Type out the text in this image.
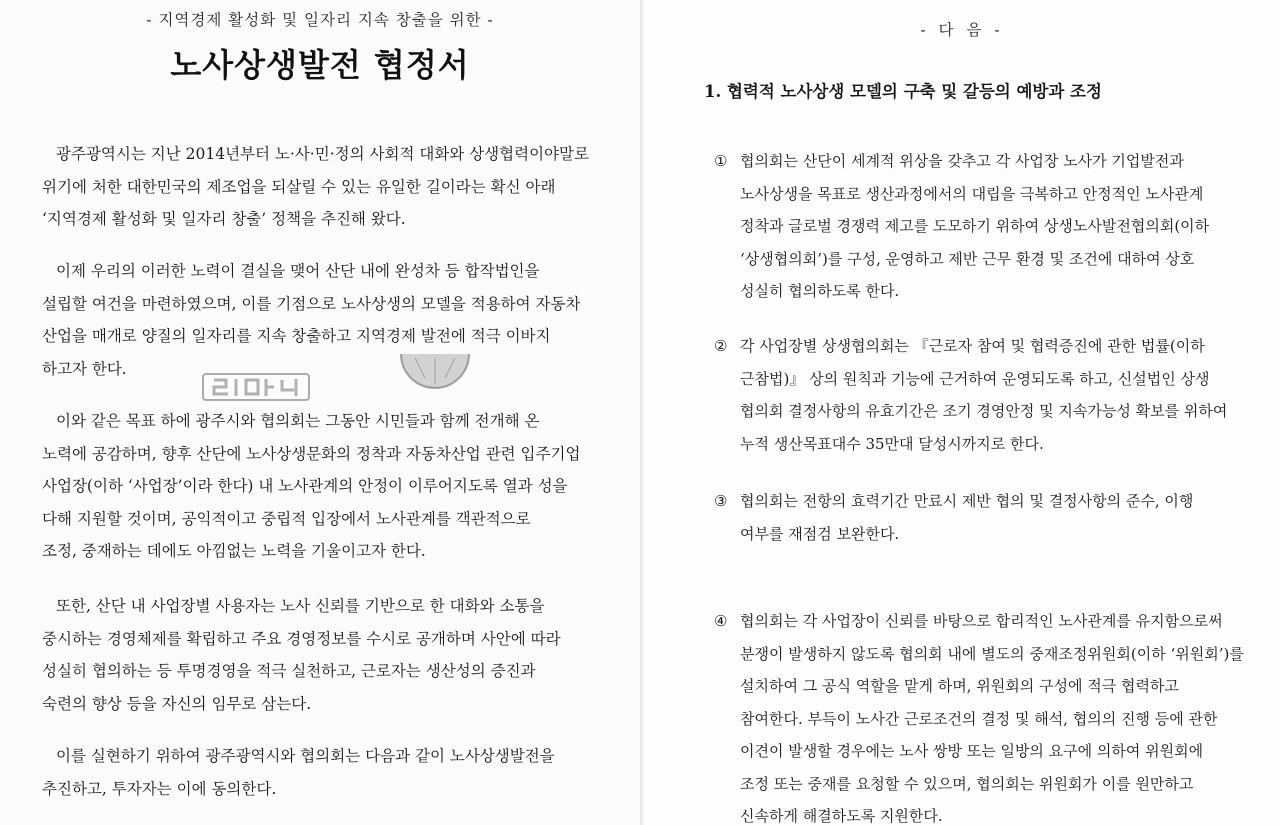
- 지역경제 활성화 및 일자리 지속 창출을 위한 -
노사상생발전 협정서
광주광역시는 지난 2014년부터 노·사·민·정의 사회적 대화와 상생협력이야말로
위기에 처한 대한민국의 제조업을 되살릴 수 있는 유일한 길이라는 확신 아래
‘지역경제 활성화 및 일자리 창출’ 정책을 추진해 왔다.
이제 우리의 이러한 노력이 결실을 맺어 산단 내에 완성차 등 합작법인을
설립할 여건을 마련하였으며, 이를 기점으로 노사상생의 모델을 적용하여 자동차
산업을 매개로 양질의 일자리를 지속 창출하고 지역경제 발전에 적극 이바지
하고자 한다.
이와 같은 목표 하에 광주시와 협의회는 그동안 시민들과 함께 전개해 온
노력에 공감하며, 향후 산단에 노사상생문화의 정착과 자동차산업 관련 입주기업
사업장(이하 ‘사업장’이라 한다) 내 노사관계의 안정이 이루어지도록 열과 성을
다해 지원할 것이며, 공익적이고 중립적 입장에서 노사관계를 객관적으로
조정, 중재하는 데에도 아낌없는 노력을 기울이고자 한다.
또한, 산단 내 사업장별 사용자는 노사 신뢰를 기반으로 한 대화와 소통을
중시하는 경영체제를 확립하고 주요 경영정보를 수시로 공개하며 사안에 따라
성실히 협의하는 등 투명경영을 적극 실천하고, 근로자는 생산성의 증진과
숙련의 향상 등을 자신의 임무로 삼는다.
이를 실현하기 위하여 광주광역시와 협의회는 다음과 같이 노사상생발전을
추진하고, 투자자는 이에 동의한다.
- 다 음 -
1. 협력적 노사상생 모델의 구축 및 갈등의 예방과 조정
① 협의회는 산단이 세계적 위상을 갖추고 각 사업장 노사가 기업발전과
노사상생을 목표로 생산과정에서의 대립을 극복하고 안정적인 노사관계
정착과 글로벌 경쟁력 제고를 도모하기 위하여 상생노사발전협의회(이하
‘상생협의회’)를 구성, 운영하고 제반 근무 환경 및 조건에 대하여 상호
성실히 협의하도록 한다.
② 각 사업장별 상생협의회는 『근로자 참여 및 협력증진에 관한 법률(이하
근참법)』 상의 원칙과 기능에 근거하여 운영되도록 하고, 신설법인 상생
협의회 결정사항의 유효기간은 조기 경영안정 및 지속가능성 확보를 위하여
누적 생산목표대수 35만대 달성시까지로 한다.
③ 협의회는 전항의 효력기간 만료시 제반 협의 및 결정사항의 준수, 이행
여부를 재점검 보완한다.
④ 협의회는 각 사업장이 신뢰를 바탕으로 합리적인 노사관계를 유지함으로써
분쟁이 발생하지 않도록 협의회 내에 별도의 중재조정위원회(이하 ‘위원회’)를
설치하여 그 공식 역할을 맡게 하며, 위원회의 구성에 적극 협력하고
참여한다. 부득이 노사간 근로조건의 결정 및 해석, 협의의 진행 등에 관한
이견이 발생할 경우에는 노사 쌍방 또는 일방의 요구에 의하여 위원회에
조정 또는 중재를 요청할 수 있으며, 협의회는 위원회가 이를 원만하고
신속하게 해결하도록 지원한다.
